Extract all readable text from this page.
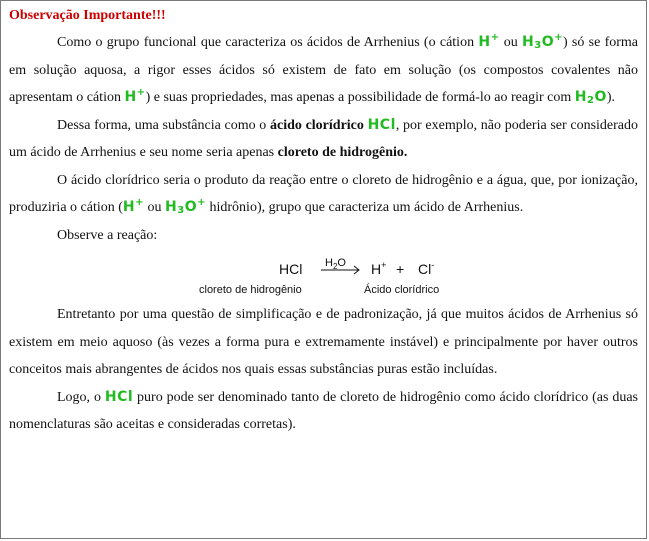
Observação Importante!!!

Como o grupo funcional que caracteriza os ácidos de Arrhenius (o cátion H+ ou $H_3O^+$) só se forma em solução aquosa, a rigor esses ácidos só existem de fato em solução (os compostos covalentes não apresentam o cátion H+) e suas propriedades, mas apenas a possibilidade de formá-lo ao reagir com $H_2O$).

Dessa forma, uma substância como o ácido clorídrico HCl, por exemplo, não poderia ser considerado um ácido de Arrhenius e seu nome seria apenas cloreto de hidrogênio.

O ácido clorídrico seria o produto da reação entre o cloreto de hidrogênio e a água, que, por ionização, produziria o cátion (H+ ou $H_3O^+$ hidrônio), grupo que caracteriza um ácido de Arrhenius.

Observe a reação:

HCl
cloreto de hidrogênio
$H_2O$ H+ + Cl-
Ácido clorídrico

Entretanto por uma questão de simplificação e de padronização, já que muitos ácidos de Arrhenius só existem em meio aquoso (às vezes a forma pura e extremamente instável) e principalmente por haver outros conceitos mais abrangentes de ácidos nos quais essas substâncias puras estão incluídas.

Logo, o HCl puro pode ser denominado tanto de cloreto de hidrogênio como ácido clorídrico (as duas nomenclaturas são aceitas e consideradas corretas).
